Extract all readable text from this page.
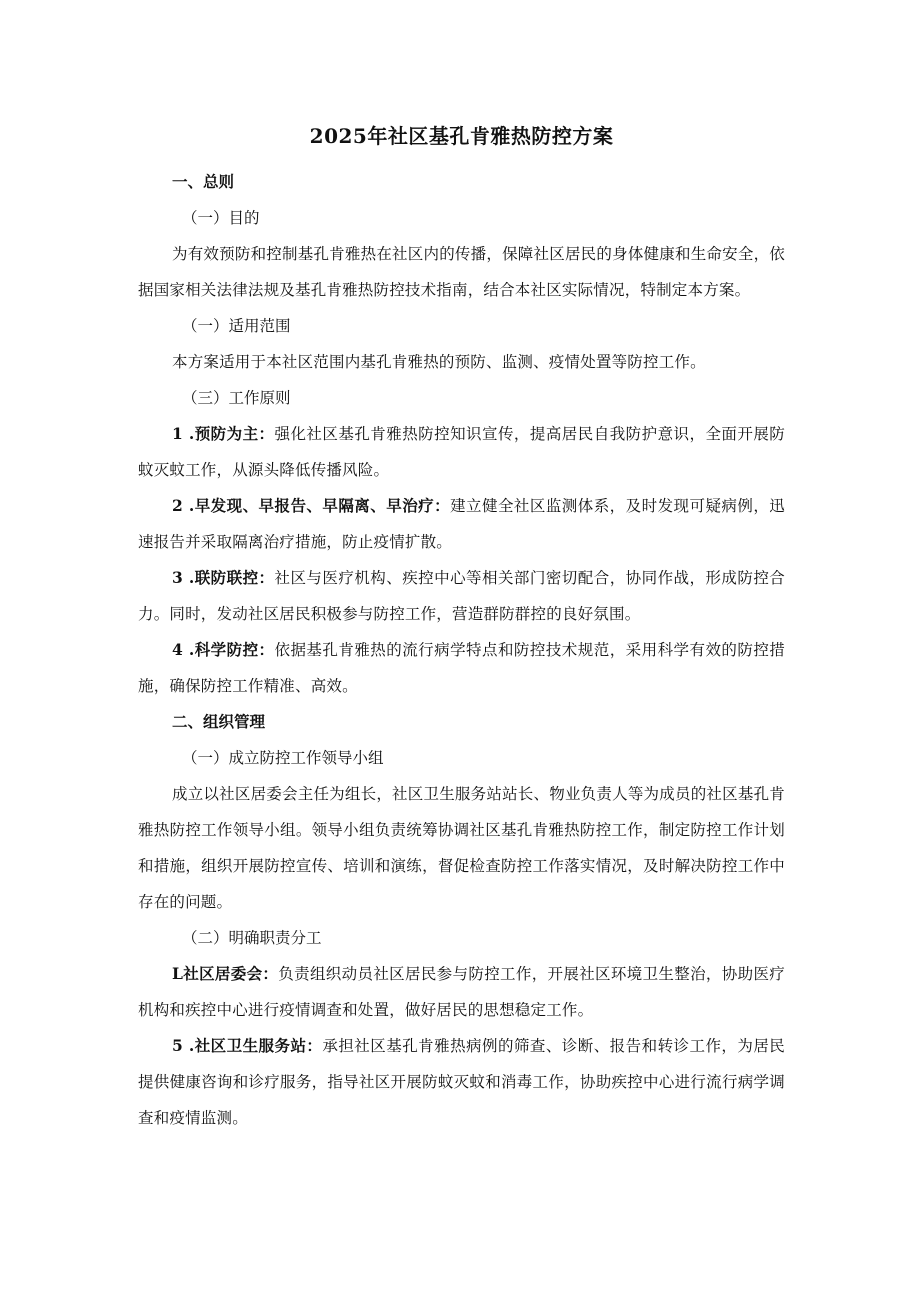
2025年社区基孔肯雅热防控方案

一、总则

（一）目的

为有效预防和控制基孔肯雅热在社区内的传播，保障社区居民的身体健康和生命安全，依据国家相关法律法规及基孔肯雅热防控技术指南，结合本社区实际情况，特制定本方案。

（一）适用范围

本方案适用于本社区范围内基孔肯雅热的预防、监测、疫情处置等防控工作。

（三）工作原则

1 .预防为主：强化社区基孔肯雅热防控知识宣传，提高居民自我防护意识，全面开展防蚊灭蚊工作，从源头降低传播风险。

2 .早发现、早报告、早隔离、早治疗：建立健全社区监测体系，及时发现可疑病例，迅速报告并采取隔离治疗措施，防止疫情扩散。

3 .联防联控：社区与医疗机构、疾控中心等相关部门密切配合，协同作战，形成防控合力。同时，发动社区居民积极参与防控工作，营造群防群控的良好氛围。

4 .科学防控：依据基孔肯雅热的流行病学特点和防控技术规范，采用科学有效的防控措施，确保防控工作精准、高效。

二、组织管理

（一）成立防控工作领导小组

成立以社区居委会主任为组长，社区卫生服务站站长、物业负责人等为成员的社区基孔肯雅热防控工作领导小组。领导小组负责统筹协调社区基孔肯雅热防控工作，制定防控工作计划和措施，组织开展防控宣传、培训和演练，督促检查防控工作落实情况，及时解决防控工作中存在的问题。

（二）明确职责分工

L社区居委会：负责组织动员社区居民参与防控工作，开展社区环境卫生整治，协助医疗机构和疾控中心进行疫情调查和处置，做好居民的思想稳定工作。

5 .社区卫生服务站：承担社区基孔肯雅热病例的筛查、诊断、报告和转诊工作，为居民提供健康咨询和诊疗服务，指导社区开展防蚊灭蚊和消毒工作，协助疾控中心进行流行病学调查和疫情监测。
